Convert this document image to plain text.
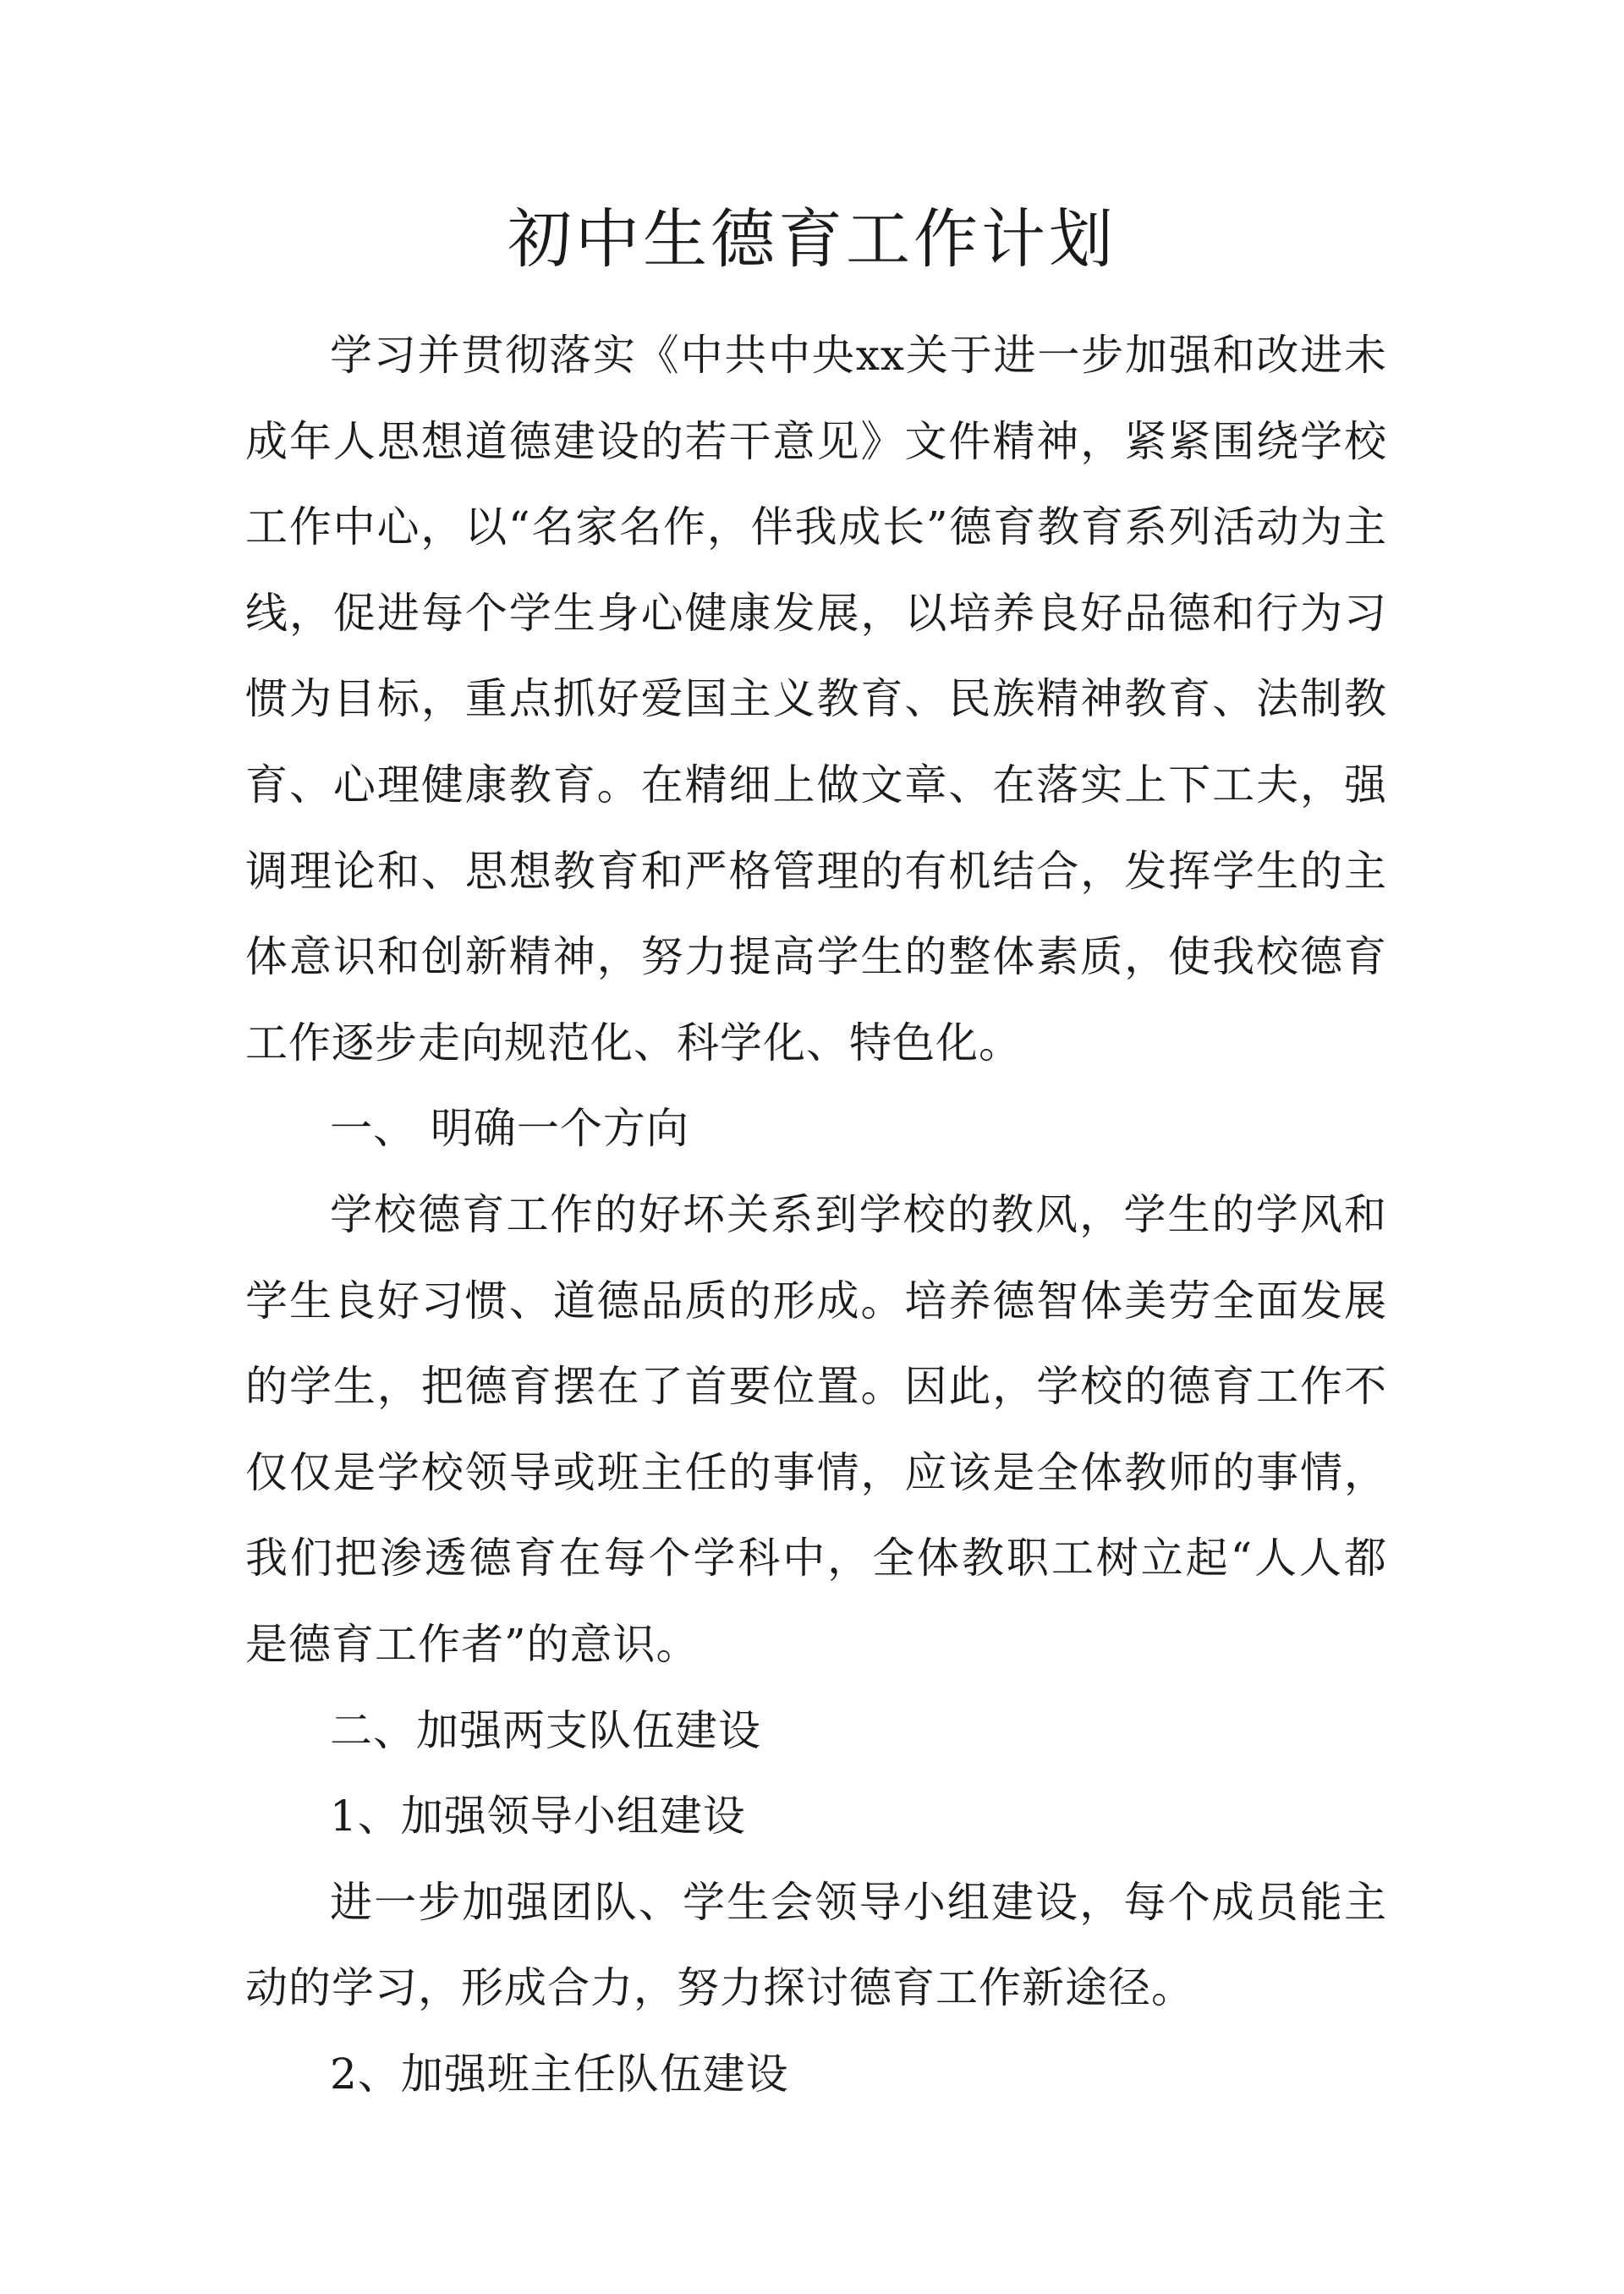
初中生德育工作计划

学习并贯彻落实《中共中央xx关于进一步加强和改进未成年人思想道德建设的若干意见》文件精神，紧紧围绕学校工作中心，以“名家名作，伴我成长”德育教育系列活动为主线，促进每个学生身心健康发展，以培养良好品德和行为习惯为目标，重点抓好爱国主义教育、民族精神教育、法制教育、心理健康教育。在精细上做文章、在落实上下工夫，强调理论和、思想教育和严格管理的有机结合，发挥学生的主体意识和创新精神，努力提高学生的整体素质，使我校德育工作逐步走向规范化、科学化、特色化。

一、 明确一个方向

学校德育工作的好坏关系到学校的教风，学生的学风和学生良好习惯、道德品质的形成。培养德智体美劳全面发展的学生，把德育摆在了首要位置。因此，学校的德育工作不仅仅是学校领导或班主任的事情，应该是全体教师的事情，我们把渗透德育在每个学科中，全体教职工树立起“人人都是德育工作者”的意识。

二、加强两支队伍建设

1、加强领导小组建设

进一步加强团队、学生会领导小组建设，每个成员能主动的学习，形成合力，努力探讨德育工作新途径。

2、加强班主任队伍建设
